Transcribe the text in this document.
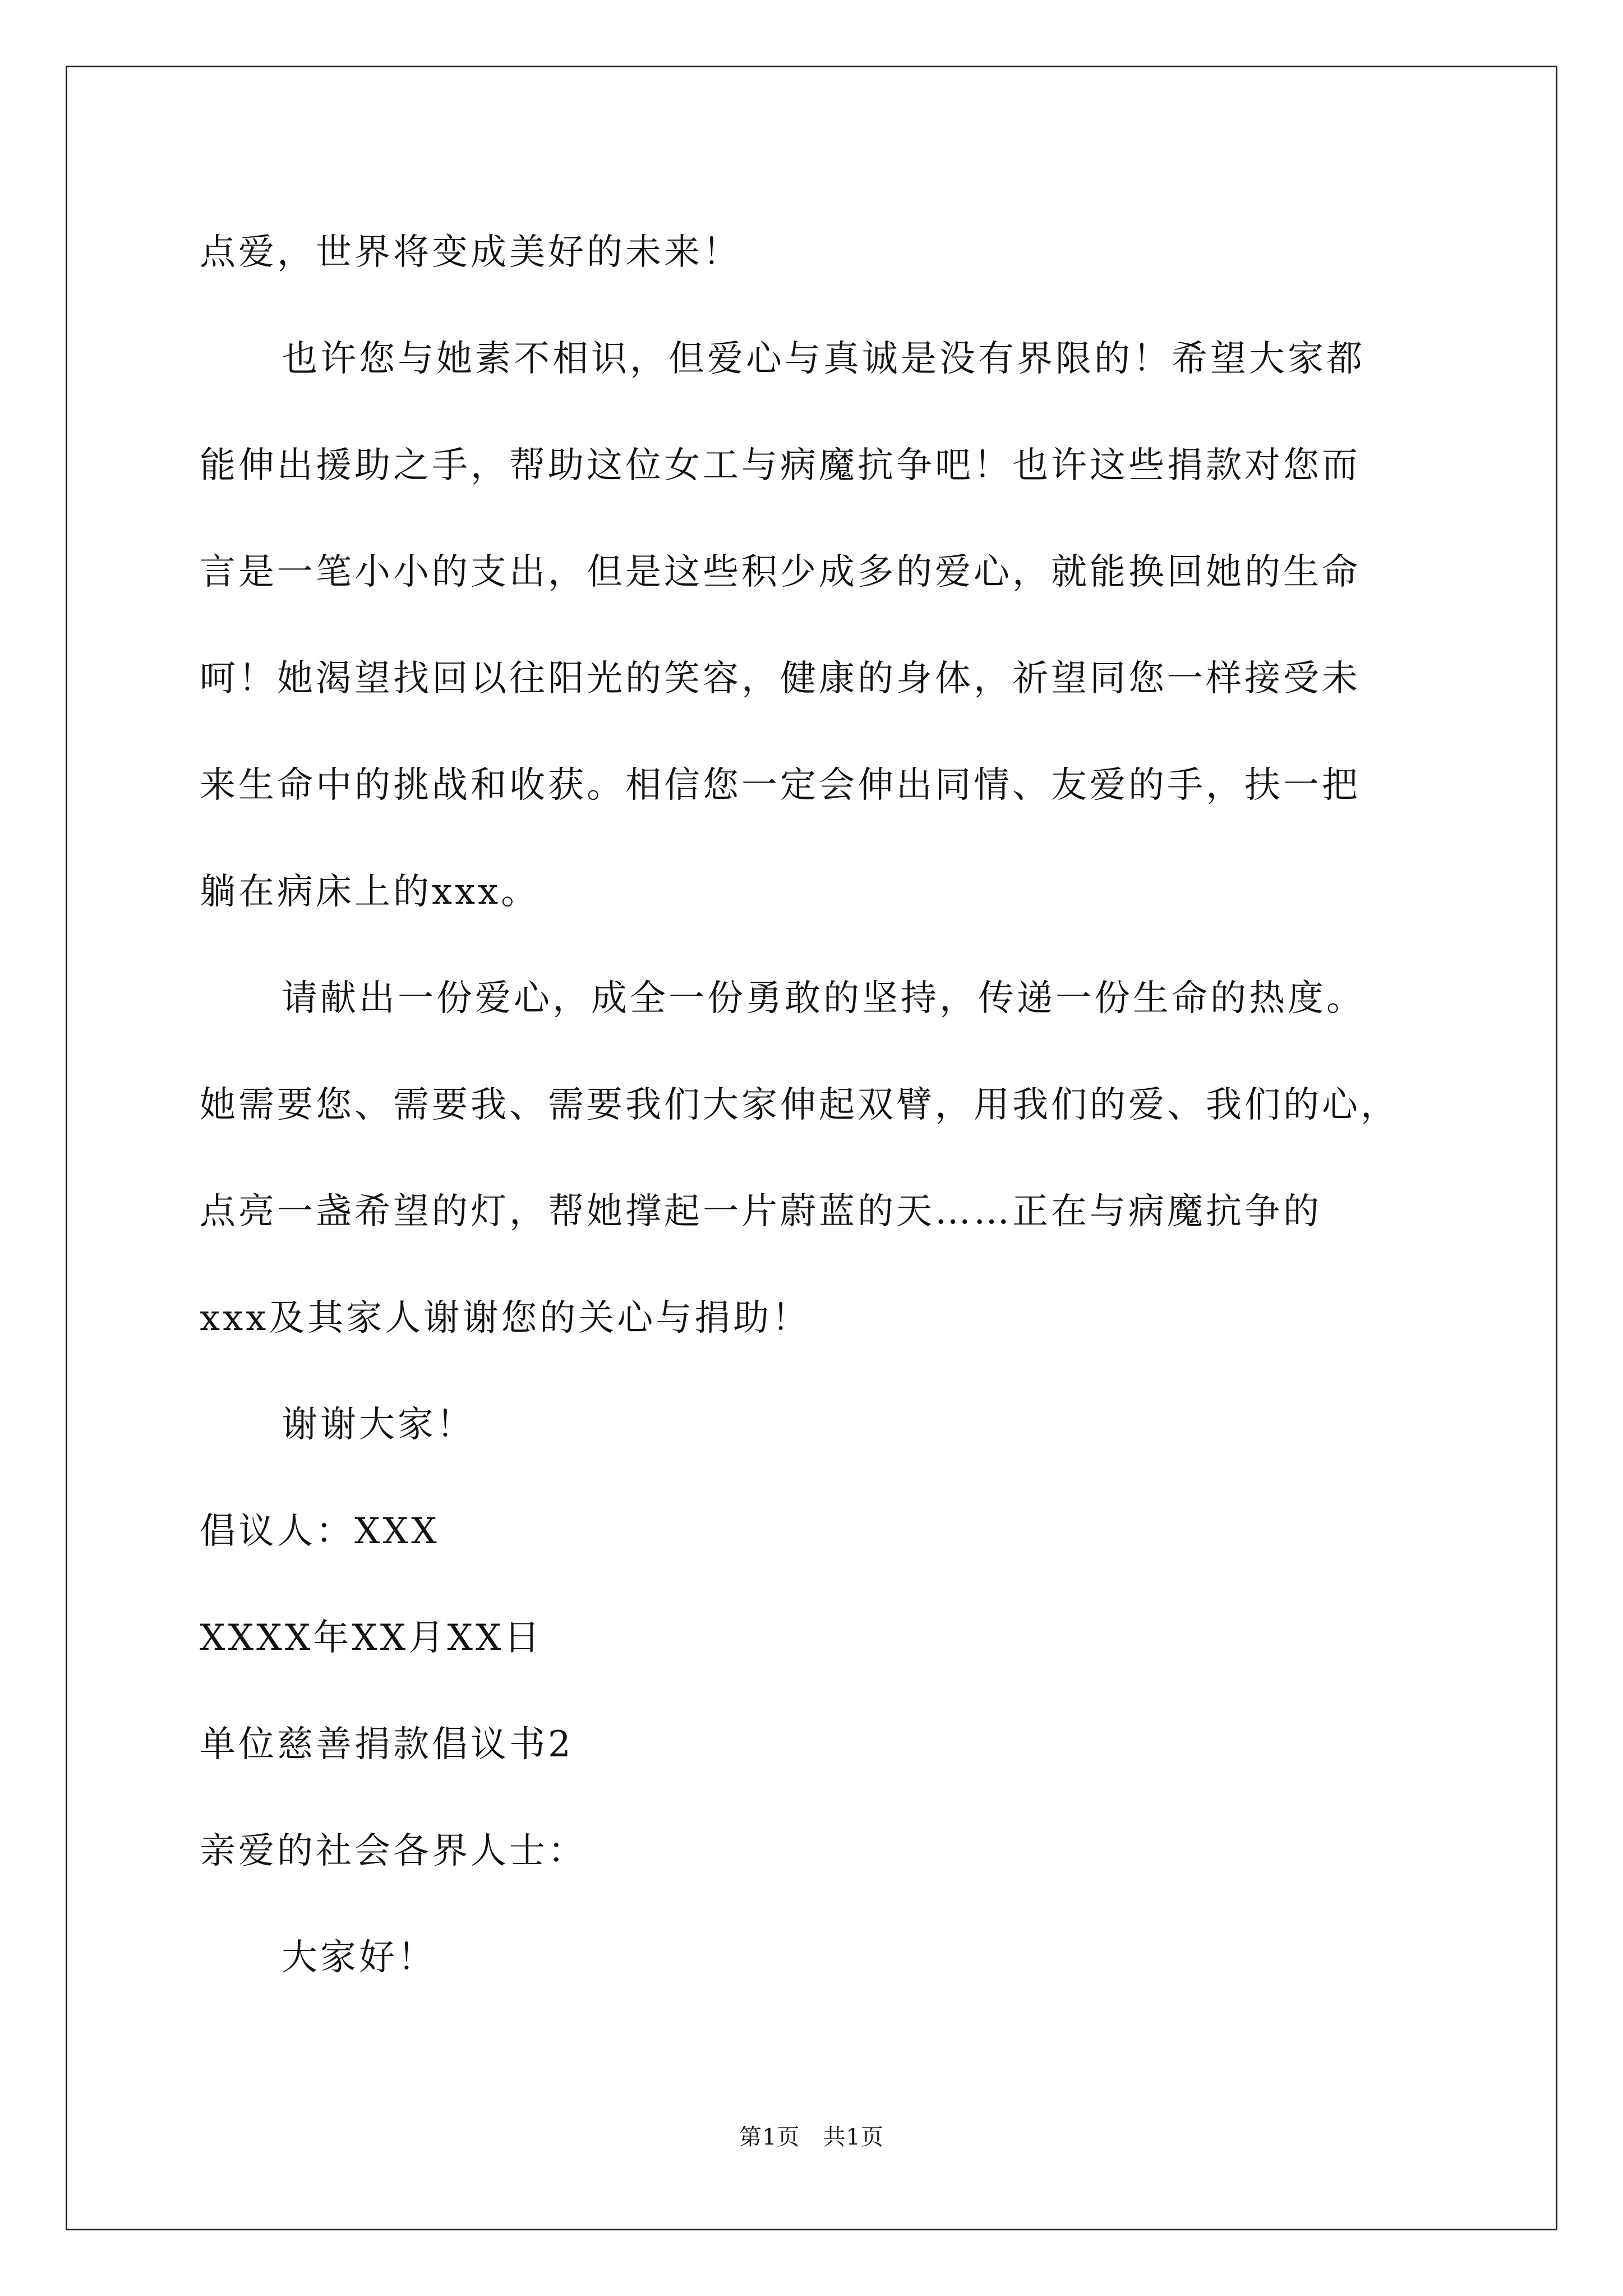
点爱，世界将变成美好的未来！
也许您与她素不相识，但爱心与真诚是没有界限的！希望大家都
能伸出援助之手，帮助这位女工与病魔抗争吧！也许这些捐款对您而
言是一笔小小的支出，但是这些积少成多的爱心，就能换回她的生命
呵！她渴望找回以往阳光的笑容，健康的身体，祈望同您一样接受未
来生命中的挑战和收获。相信您一定会伸出同情、友爱的手，扶一把
躺在病床上的xxx。
请献出一份爱心，成全一份勇敢的坚持，传递一份生命的热度。
她需要您、需要我、需要我们大家伸起双臂，用我们的爱、我们的心，
点亮一盏希望的灯，帮她撑起一片蔚蓝的天……正在与病魔抗争的
xxx及其家人谢谢您的关心与捐助！
谢谢大家！
倡议人：XXX
XXXX年XX月XX日
单位慈善捐款倡议书2
亲爱的社会各界人士：
大家好！
第1页　共1页
